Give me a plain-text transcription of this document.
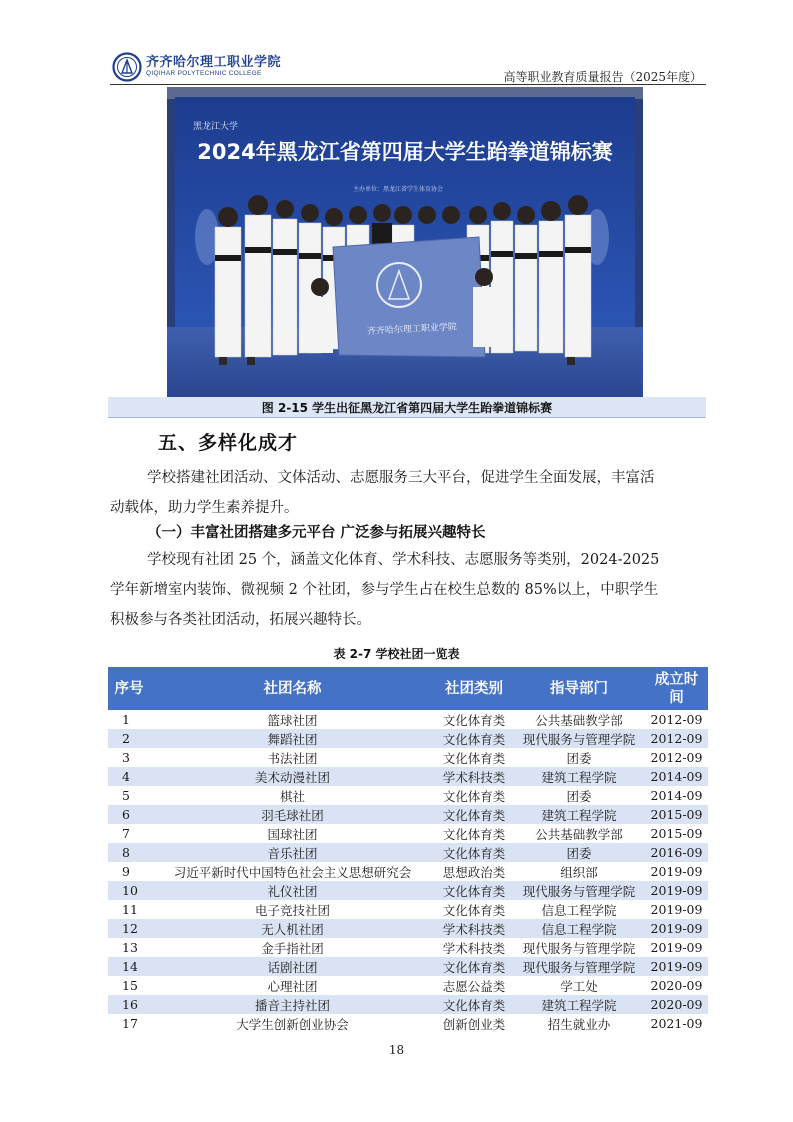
齐齐哈尔理工职业学院
QIQIHAR POLYTECHNIC COLLEGE	高等职业教育质量报告（2025年度）
黑龙江大学
2024年黑龙江省第四届大学生跆拳道锦标赛
主办单位：黑龙江省学生体育协会
齐齐哈尔理工职业学院
图 2-15 学生出征黑龙江省第四届大学生跆拳道锦标赛
五、多样化成才
学校搭建社团活动、文体活动、志愿服务三大平台，促进学生全面发展，丰富活
动载体，助力学生素养提升。
（一）丰富社团搭建多元平台 广泛参与拓展兴趣特长
学校现有社团 25 个，涵盖文化体育、学术科技、志愿服务等类别，2024-2025
学年新增室内装饰、微视频 2 个社团，参与学生占在校生总数的 85%以上，中职学生
积极参与各类社团活动，拓展兴趣特长。
表 2-7 学校社团一览表
序号	社团名称	社团类别	指导部门	成立时间
1	篮球社团	文化体育类	公共基础教学部	2012-09
2	舞蹈社团	文化体育类	现代服务与管理学院	2012-09
3	书法社团	文化体育类	团委	2012-09
4	美术动漫社团	学术科技类	建筑工程学院	2014-09
5	棋社	文化体育类	团委	2014-09
6	羽毛球社团	文化体育类	建筑工程学院	2015-09
7	国球社团	文化体育类	公共基础教学部	2015-09
8	音乐社团	文化体育类	团委	2016-09
9	习近平新时代中国特色社会主义思想研究会	思想政治类	组织部	2019-09
10	礼仪社团	文化体育类	现代服务与管理学院	2019-09
11	电子竞技社团	文化体育类	信息工程学院	2019-09
12	无人机社团	学术科技类	信息工程学院	2019-09
13	金手指社团	学术科技类	现代服务与管理学院	2019-09
14	话剧社团	文化体育类	现代服务与管理学院	2019-09
15	心理社团	志愿公益类	学工处	2020-09
16	播音主持社团	文化体育类	建筑工程学院	2020-09
17	大学生创新创业协会	创新创业类	招生就业办	2021-09
18
